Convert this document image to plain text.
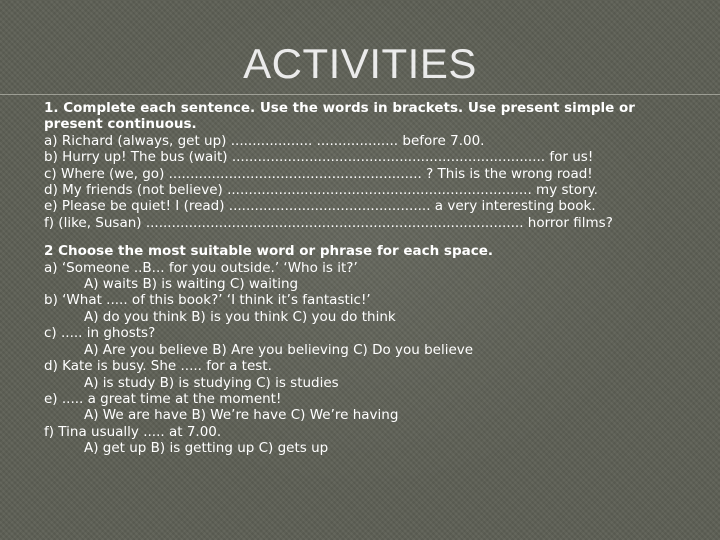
ACTIVITIES
1. Complete each sentence. Use the words in brackets. Use present simple or
present continuous.
a) Richard (always, get up) ................... ................... before 7.00.
b) Hurry up! The bus (wait) ......................................................................... for us!
c) Where (we, go) ........................................................... ? This is the wrong road!
d) My friends (not believe) ....................................................................... my story.
e) Please be quiet! I (read) ............................................... a very interesting book.
f) (like, Susan) ........................................................................................ horror films?
2 Choose the most suitable word or phrase for each space.
a) ‘Someone ..B... for you outside.’ ‘Who is it?’
A) waits B) is waiting C) waiting
b) ‘What ..... of this book?’ ‘I think it’s fantastic!’
A) do you think B) is you think C) you do think
c) ..... in ghosts?
A) Are you believe B) Are you believing C) Do you believe
d) Kate is busy. She ..... for a test.
A) is study B) is studying C) is studies
e) ..... a great time at the moment!
A) We are have B) We’re have C) We’re having
f) Tina usually ..... at 7.00.
A) get up B) is getting up C) gets up
